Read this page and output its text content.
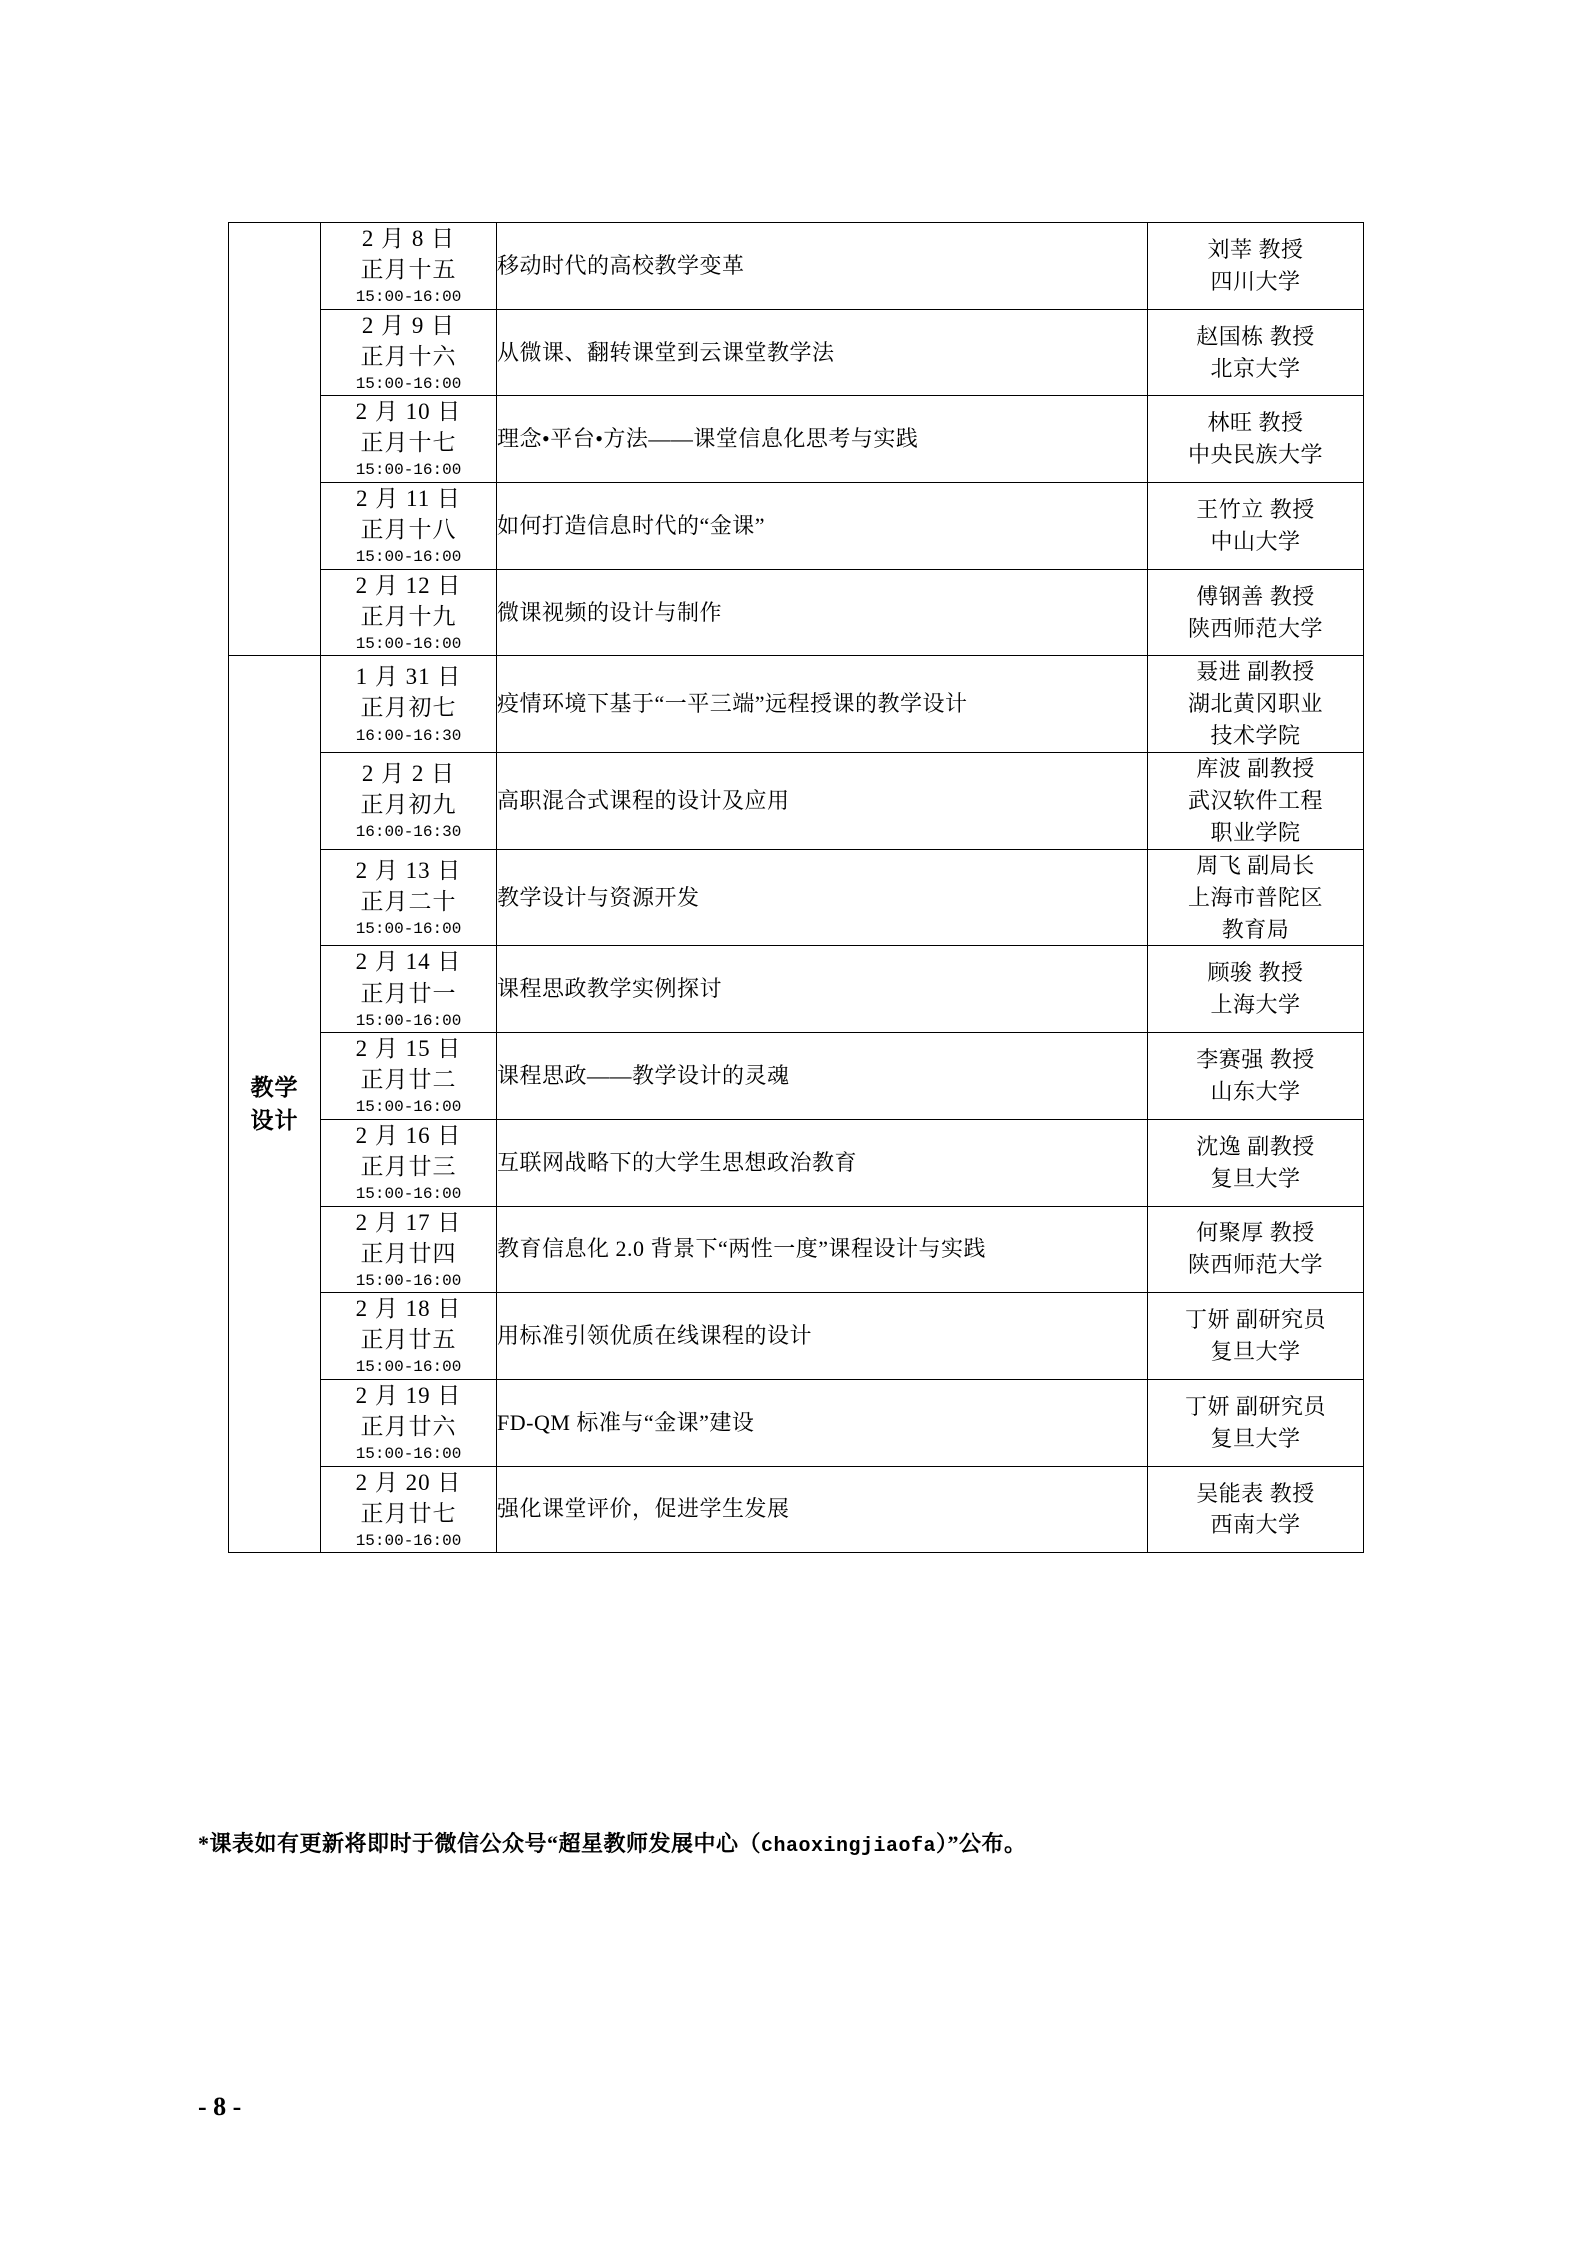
	2 月 8 日
正月十五
15:00-16:00	移动时代的高校教学变革	刘莘 教授
四川大学

	2 月 9 日
正月十六
15:00-16:00	从微课、翻转课堂到云课堂教学法	赵国栋 教授
北京大学

	2 月 10 日
正月十七
15:00-16:00	理念•平台•方法——课堂信息化思考与实践	林旺 教授
中央民族大学

	2 月 11 日
正月十八
15:00-16:00	如何打造信息时代的“金课”	王竹立 教授
中山大学

	2 月 12 日
正月十九
15:00-16:00	微课视频的设计与制作	傅钢善 教授
陕西师范大学

教学
设计	1 月 31 日
正月初七
16:00-16:30	疫情环境下基于“一平三端”远程授课的教学设计	聂进 副教授
湖北黄冈职业
技术学院

	2 月 2 日
正月初九
16:00-16:30	高职混合式课程的设计及应用	库波 副教授
武汉软件工程
职业学院

	2 月 13 日
正月二十
15:00-16:00	教学设计与资源开发	周飞 副局长
上海市普陀区
教育局

	2 月 14 日
正月廿一
15:00-16:00	课程思政教学实例探讨	顾骏 教授
上海大学

	2 月 15 日
正月廿二
15:00-16:00	课程思政——教学设计的灵魂	李赛强 教授
山东大学

	2 月 16 日
正月廿三
15:00-16:00	互联网战略下的大学生思想政治教育	沈逸 副教授
复旦大学

	2 月 17 日
正月廿四
15:00-16:00	教育信息化 2.0 背景下“两性一度”课程设计与实践	何聚厚 教授
陕西师范大学

	2 月 18 日
正月廿五
15:00-16:00	用标准引领优质在线课程的设计	丁妍 副研究员
复旦大学

	2 月 19 日
正月廿六
15:00-16:00	FD-QM 标准与“金课”建设	丁妍 副研究员
复旦大学

	2 月 20 日
正月廿七
15:00-16:00	强化课堂评价，促进学生发展	吴能表 教授
西南大学
*课表如有更新将即时于微信公众号“超星教师发展中心（chaoxingjiaofa）”公布。
- 8 -
